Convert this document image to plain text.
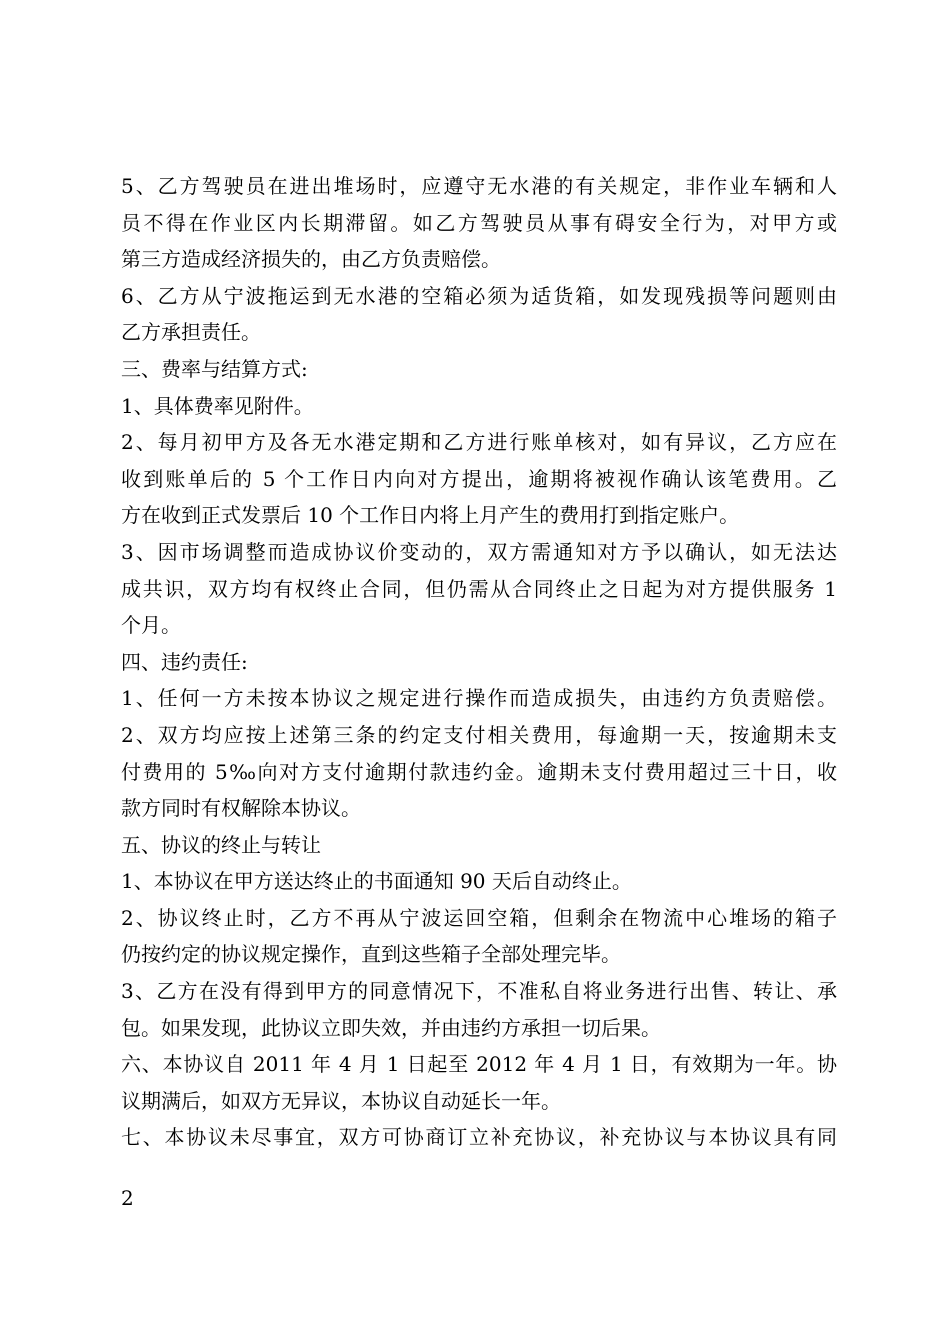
5、乙方驾驶员在进出堆场时，应遵守无水港的有关规定，非作业车辆和人
员不得在作业区内长期滞留。如乙方驾驶员从事有碍安全行为，对甲方或
第三方造成经济损失的，由乙方负责赔偿。
6、乙方从宁波拖运到无水港的空箱必须为适货箱，如发现残损等问题则由
乙方承担责任。
三、费率与结算方式:
1、具体费率见附件。
2、每月初甲方及各无水港定期和乙方进行账单核对，如有异议，乙方应在
收到账单后的 5 个工作日内向对方提出，逾期将被视作确认该笔费用。乙
方在收到正式发票后 10 个工作日内将上月产生的费用打到指定账户。
3、因市场调整而造成协议价变动的，双方需通知对方予以确认，如无法达
成共识，双方均有权终止合同，但仍需从合同终止之日起为对方提供服务 1
个月。
四、违约责任:
1、任何一方未按本协议之规定进行操作而造成损失，由违约方负责赔偿。
2、双方均应按上述第三条的约定支付相关费用，每逾期一天，按逾期未支
付费用的 5‰向对方支付逾期付款违约金。逾期未支付费用超过三十日，收
款方同时有权解除本协议。
五、协议的终止与转让
1、本协议在甲方送达终止的书面通知 90 天后自动终止。
2、协议终止时，乙方不再从宁波运回空箱，但剩余在物流中心堆场的箱子
仍按约定的协议规定操作，直到这些箱子全部处理完毕。
3、乙方在没有得到甲方的同意情况下，不准私自将业务进行出售、转让、承
包。如果发现，此协议立即失效，并由违约方承担一切后果。
六、本协议自 2011 年 4 月 1 日起至 2012 年 4 月 1 日，有效期为一年。协
议期满后，如双方无异议，本协议自动延长一年。
七、本协议未尽事宜，双方可协商订立补充协议，补充协议与本协议具有同
2
